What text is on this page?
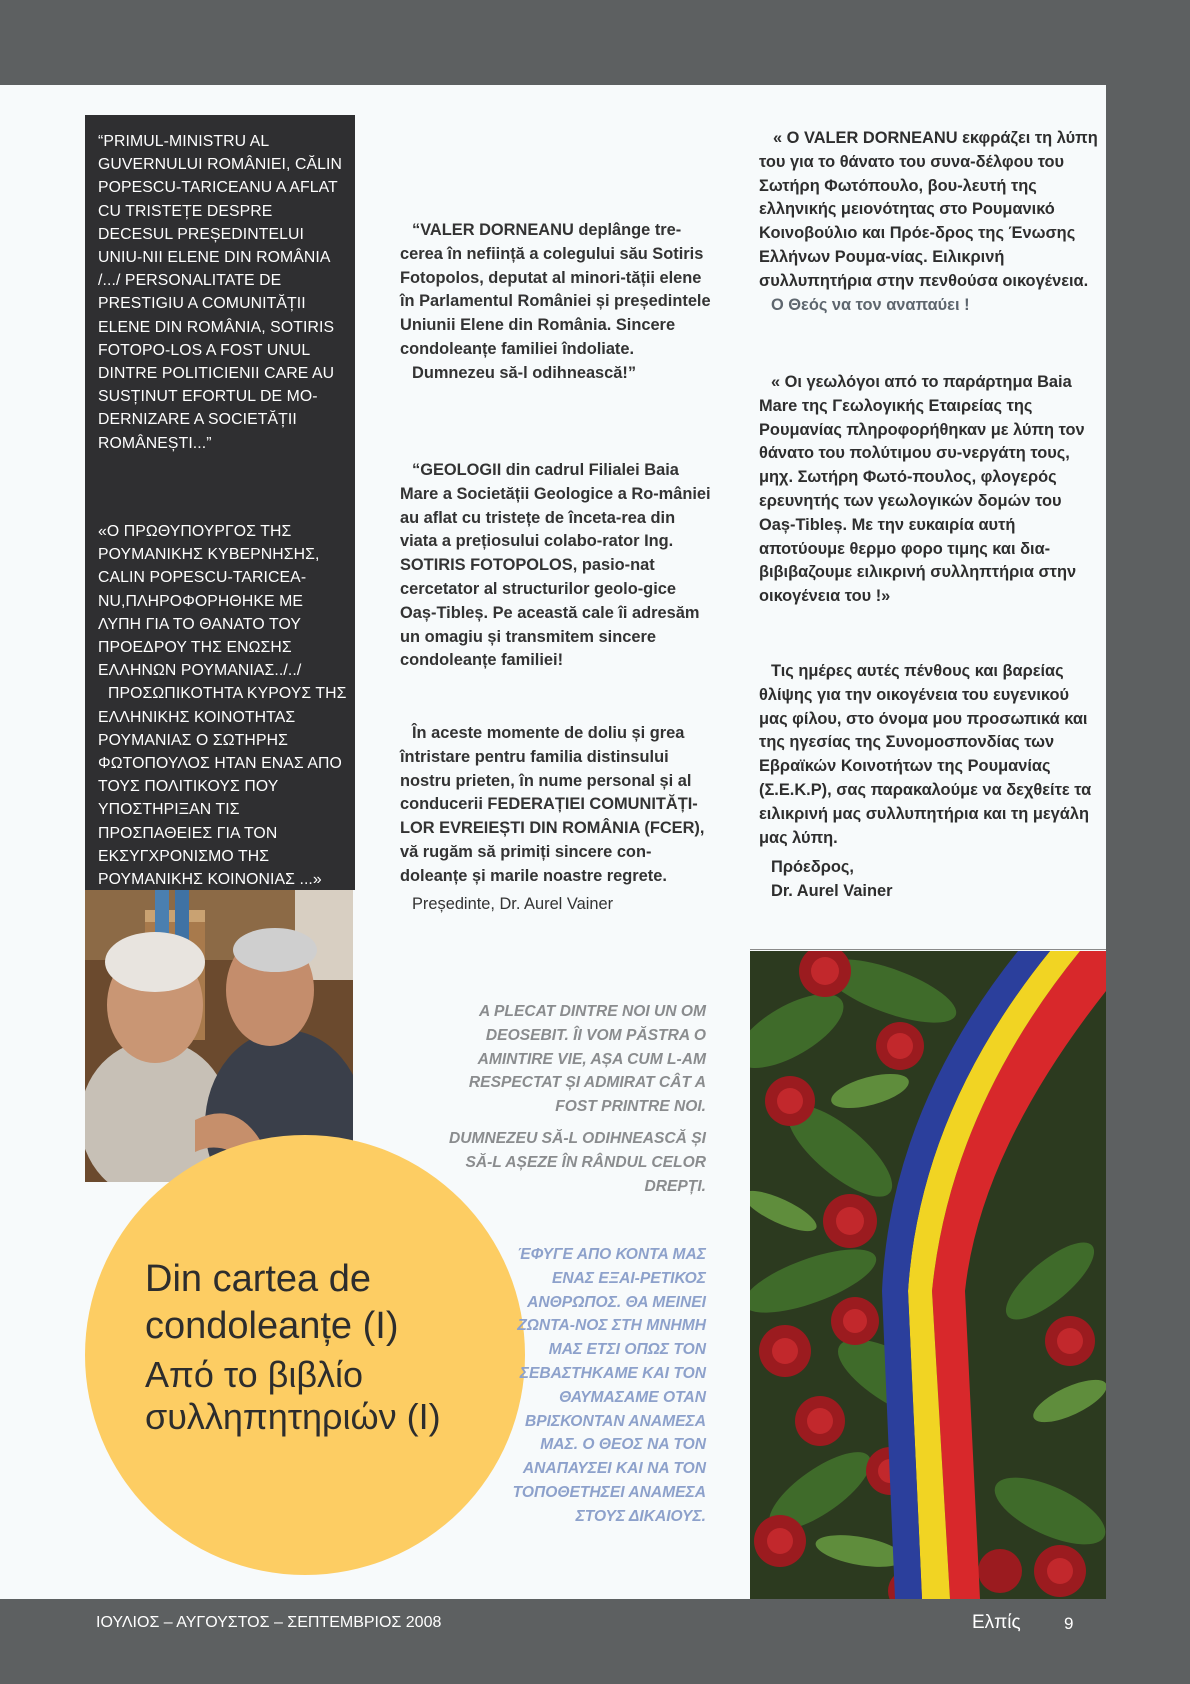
“PRIMUL-MINISTRU AL GUVERNULUI ROMÂNIEI, CĂLIN POPESCU-TARICEANU A AFLAT CU TRISTEȚE DESPRE DECESUL PREȘEDINTELUI UNIU-NII ELENE DIN ROMÂNIA /.../ PERSONALITATE DE PRESTIGIU A COMUNITĂȚII ELENE DIN ROMÂNIA, SOTIRIS FOTOPO-LOS A FOST UNUL DINTRE POLITICIENII CARE AU SUSȚINUT EFORTUL DE MO-DERNIZARE A SOCIETĂȚII ROMÂNEȘTI...”

«Ο ΠΡΩΘΥΠΟΥΡΓΟΣ ΤΗΣ ΡΟΥΜΑΝΙΚΗΣ ΚΥΒΕΡΝΗΣΗΣ, CALIN POPESCU-TARICEA-NU,ΠΛΗΡΟΦΟΡΗΘΗΚΕ ΜΕ ΛΥΠΗ ΓΙΑ ΤΟ ΘΑΝΑΤΟ ΤΟΥ ΠΡΟΕΔΡΟΥ ΤΗΣ ΕΝΩΣΗΣ ΕΛΛΗΝΩΝ ΡΟΥΜΑΝΙΑΣ../../

ΠΡΟΣΩΠΙΚΟΤΗΤΑ ΚΥΡΟΥΣ ΤΗΣ ΕΛΛΗΝΙΚΗΣ ΚΟΙΝΟΤΗΤΑΣ ΡΟΥΜΑΝΙΑΣ Ο ΣΩΤΗΡΗΣ ΦΩΤΟΠΟΥΛΟΣ ΗΤΑΝ ΕΝΑΣ ΑΠΟ ΤΟΥΣ ΠΟΛΙΤΙΚΟΥΣ ΠΟΥ ΥΠΟΣΤΗΡΙΞΑΝ ΤΙΣ ΠΡΟΣΠΑΘΕΙΕΣ ΓΙΑ ΤΟΝ ΕΚΣΥΓΧΡΟΝΙΣΜΟ ΤΗΣ ΡΟΥΜΑΝΙΚΗΣ ΚΟΙΝΟΝΙΑΣ ...»

Din cartea de condoleanțe (I)
Από το βιβλίο συλληπητηριών (I)

“VALER DORNEANU deplânge tre-cerea în neființă a colegului său Sotiris Fotopolos, deputat al minori-tății elene în Parlamentul României și președintele Uniunii Elene din România. Sincere condoleanțe familiei îndoliate.

Dumnezeu să-l odihnească!”

“GEOLOGII din cadrul Filialei Baia Mare a Societății Geologice a Ro-mâniei au aflat cu tristețe de înceta-rea din viata a prețiosului colabo-rator Ing. SOTIRIS FOTOPOLOS, pasio-nat cercetator al structurilor geolo-gice Oaș-Tibleș. Pe această cale îi adresăm un omagiu și transmitem sincere condoleanțe familiei!

În aceste momente de doliu și grea întristare pentru familia distinsului nostru prieten, în nume personal și al conducerii FEDERAȚIEI COMUNITĂȚI-LOR EVREIEȘTI DIN ROMÂNIA (FCER), vă rugăm să primiți sincere con-doleanțe și marile noastre regrete.

Președinte, Dr. Aurel Vainer

« Ο VALER DORNEANU εκφράζει τη λύπη του για το θάνατο του συνα-δέλφου του Σωτήρη Φωτόπουλο, βου-λευτή της ελληνικής μειονότητας στο Ρουμανικό Κοινοβούλιο και Πρόε-δρος της Ένωσης Ελλήνων Ρουμα-νίας. Ειλικρινή συλλυπητήρια στην πενθούσα οικογένεια.

Ο Θεός να τον αναπαύει !

« Οι γεωλόγοι από το παράρτημα Baia Mare της Γεωλογικής Εταιρείας της Ρουμανίας πληροφορήθηκαν με λύπη τον θάνατο του πολύτιμου συ-νεργάτη τους, μηχ. Σωτήρη Φωτό-πουλος, φλογερός ερευνητής των γεωλογικών δομών του Oaș-Tibleș. Με την ευκαιρία αυτή αποτύουμε θερμο φορο τιμης και δια-βιβιβαζουμε ειλικρινή συλληπτήρια στην οικογένεια του !»

Τις ημέρες αυτές πένθους και βαρείας θλίψης για την οικογένεια του ευγενικού μας φίλου, στο όνομα μου προσωπικά και της ηγεσίας της Συνομοσπονδίας των Εβραϊκών Κοινοτήτων της Ρουμανίας (Σ.Ε.Κ.Ρ), σας παρακαλούμε να δεχθείτε τα ειλικρινή μας συλλυπητήρια και τη μεγάλη μας λύπη.

Πρόεδρος,

Dr. Aurel Vainer

A PLECAT DINTRE NOI UN OM DEOSEBIT. ÎI VOM PĂSTRA O AMINTIRE VIE, AȘA CUM L-AM RESPECTAT ȘI ADMIRAT CÂT A FOST PRINTRE NOI.
DUMNEZEU SĂ-L ODIHNEASCĂ ȘI SĂ-L AȘEZE ÎN RÂNDUL CELOR DREPȚI.
ΈΦΥΓΕ ΑΠΟ ΚΟΝΤΑ ΜΑΣ ΕΝΑΣ ΕΞΑΙ-ΡΕΤΙΚΟΣ ΑΝΘΡΩΠΟΣ. ΘΑ ΜΕΙΝΕΙ ΖΩΝΤΑ-ΝΟΣ ΣΤΗ ΜΝΗΜΗ ΜΑΣ ΕΤΣΙ ΟΠΩΣ ΤΟΝ ΣΕΒΑΣΤΗΚΑΜΕ ΚΑΙ ΤΟΝ ΘΑΥΜΑΣΑΜΕ ΟΤΑΝ ΒΡΙΣΚΟΝΤΑΝ ΑΝΑΜΕΣΑ ΜΑΣ. Ο ΘΕΟΣ ΝΑ ΤΟΝ ΑΝΑΠΑΥΣΕΙ ΚΑΙ ΝΑ ΤΟΝ ΤΟΠΟΘΕΤΗΣΕΙ ΑΝΑΜΕΣΑ ΣΤΟΥΣ ΔΙΚΑΙΟΥΣ.
ΙΟΥΛΙΟΣ – ΑΥΓΟΥΣΤΟΣ – ΣΕΠΤΕΜΒΡΙΟΣ 2008	Ελπίς	9
